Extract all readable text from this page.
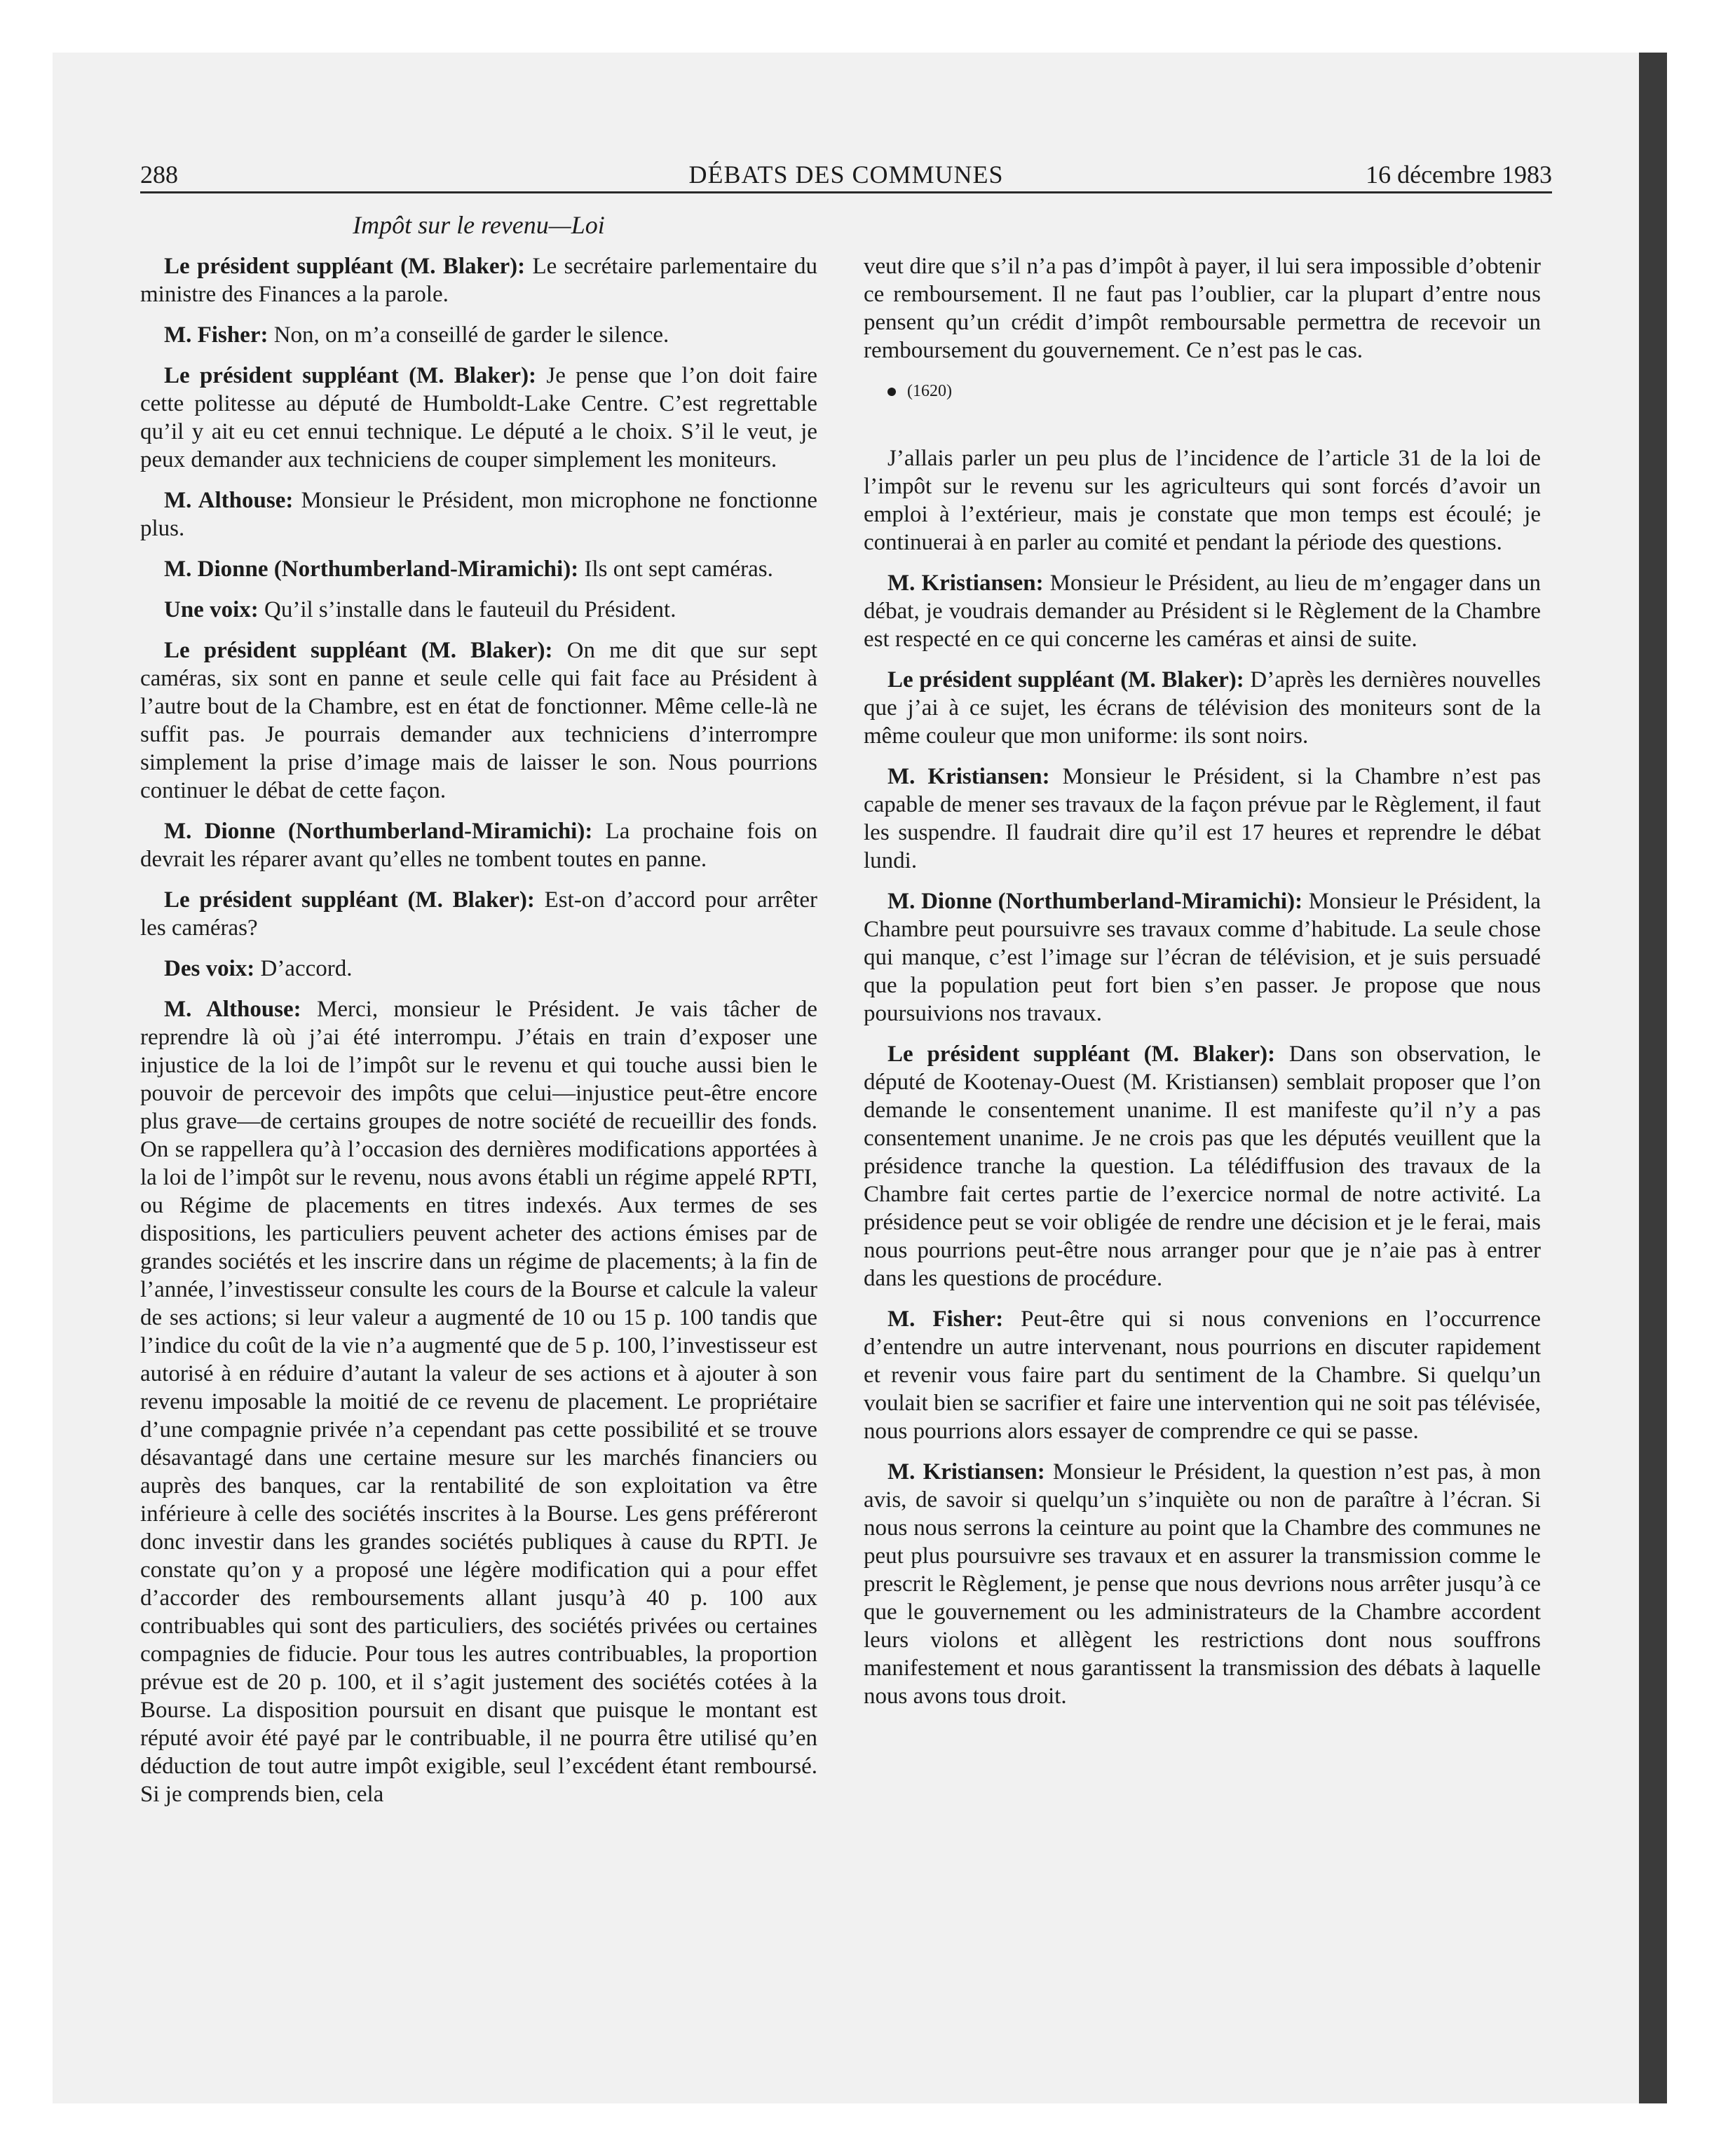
DÉBATS DES COMMUNES
288	16 décembre 1983
Impôt sur le revenu—Loi

Le président suppléant (M. Blaker): Le secrétaire parlementaire du ministre des Finances a la parole.

M. Fisher: Non, on m’a conseillé de garder le silence.

Le président suppléant (M. Blaker): Je pense que l’on doit faire cette politesse au député de Humboldt-Lake Centre. C’est regrettable qu’il y ait eu cet ennui technique. Le député a le choix. S’il le veut, je peux demander aux techniciens de couper simplement les moniteurs.

M. Althouse: Monsieur le Président, mon microphone ne fonctionne plus.

M. Dionne (Northumberland-Miramichi): Ils ont sept caméras.

Une voix: Qu’il s’installe dans le fauteuil du Président.

Le président suppléant (M. Blaker): On me dit que sur sept caméras, six sont en panne et seule celle qui fait face au Président à l’autre bout de la Chambre, est en état de fonctionner. Même celle-là ne suffit pas. Je pourrais demander aux techniciens d’interrompre simplement la prise d’image mais de laisser le son. Nous pourrions continuer le débat de cette façon.

M. Dionne (Northumberland-Miramichi): La prochaine fois on devrait les réparer avant qu’elles ne tombent toutes en panne.

Le président suppléant (M. Blaker): Est-on d’accord pour arrêter les caméras?

Des voix: D’accord.

M. Althouse: Merci, monsieur le Président. Je vais tâcher de reprendre là où j’ai été interrompu. J’étais en train d’exposer une injustice de la loi de l’impôt sur le revenu et qui touche aussi bien le pouvoir de percevoir des impôts que celui—injustice peut-être encore plus grave—de certains groupes de notre société de recueillir des fonds. On se rappellera qu’à l’occasion des dernières modifications apportées à la loi de l’impôt sur le revenu, nous avons établi un régime appelé RPTI, ou Régime de placements en titres indexés. Aux termes de ses dispositions, les particuliers peuvent acheter des actions émises par de grandes sociétés et les inscrire dans un régime de placements; à la fin de l’année, l’investisseur consulte les cours de la Bourse et calcule la valeur de ses actions; si leur valeur a augmenté de 10 ou 15 p. 100 tandis que l’indice du coût de la vie n’a augmenté que de 5 p. 100, l’investisseur est autorisé à en réduire d’autant la valeur de ses actions et à ajouter à son revenu imposable la moitié de ce revenu de placement. Le propriétaire d’une compagnie privée n’a cependant pas cette possibilité et se trouve désavantagé dans une certaine mesure sur les marchés financiers ou auprès des banques, car la rentabilité de son exploitation va être inférieure à celle des sociétés inscrites à la Bourse. Les gens préféreront donc investir dans les grandes sociétés publiques à cause du RPTI. Je constate qu’on y a proposé une légère modification qui a pour effet d’accorder des remboursements allant jusqu’à 40 p. 100 aux contribuables qui sont des particuliers, des sociétés privées ou certaines compagnies de fiducie. Pour tous les autres contribuables, la proportion prévue est de 20 p. 100, et il s’agit justement des sociétés cotées à la Bourse. La disposition poursuit en disant que puisque le montant est réputé avoir été payé par le contribuable, il ne pourra être utilisé qu’en déduction de tout autre impôt exigible, seul l’excédent étant remboursé. Si je comprends bien, cela

veut dire que s’il n’a pas d’impôt à payer, il lui sera impossible d’obtenir ce remboursement. Il ne faut pas l’oublier, car la plupart d’entre nous pensent qu’un crédit d’impôt remboursable permettra de recevoir un remboursement du gouvernement. Ce n’est pas le cas.

(1620)

J’allais parler un peu plus de l’incidence de l’article 31 de la loi de l’impôt sur le revenu sur les agriculteurs qui sont forcés d’avoir un emploi à l’extérieur, mais je constate que mon temps est écoulé; je continuerai à en parler au comité et pendant la période des questions.

M. Kristiansen: Monsieur le Président, au lieu de m’engager dans un débat, je voudrais demander au Président si le Règlement de la Chambre est respecté en ce qui concerne les caméras et ainsi de suite.

Le président suppléant (M. Blaker): D’après les dernières nouvelles que j’ai à ce sujet, les écrans de télévision des moniteurs sont de la même couleur que mon uniforme: ils sont noirs.

M. Kristiansen: Monsieur le Président, si la Chambre n’est pas capable de mener ses travaux de la façon prévue par le Règlement, il faut les suspendre. Il faudrait dire qu’il est 17 heures et reprendre le débat lundi.

M. Dionne (Northumberland-Miramichi): Monsieur le Président, la Chambre peut poursuivre ses travaux comme d’habitude. La seule chose qui manque, c’est l’image sur l’écran de télévision, et je suis persuadé que la population peut fort bien s’en passer. Je propose que nous poursuivions nos travaux.

Le président suppléant (M. Blaker): Dans son observation, le député de Kootenay-Ouest (M. Kristiansen) semblait proposer que l’on demande le consentement unanime. Il est manifeste qu’il n’y a pas consentement unanime. Je ne crois pas que les députés veuillent que la présidence tranche la question. La télédiffusion des travaux de la Chambre fait certes partie de l’exercice normal de notre activité. La présidence peut se voir obligée de rendre une décision et je le ferai, mais nous pourrions peut-être nous arranger pour que je n’aie pas à entrer dans les questions de procédure.

M. Fisher: Peut-être qui si nous convenions en l’occurrence d’entendre un autre intervenant, nous pourrions en discuter rapidement et revenir vous faire part du sentiment de la Chambre. Si quelqu’un voulait bien se sacrifier et faire une intervention qui ne soit pas télévisée, nous pourrions alors essayer de comprendre ce qui se passe.

M. Kristiansen: Monsieur le Président, la question n’est pas, à mon avis, de savoir si quelqu’un s’inquiète ou non de paraître à l’écran. Si nous nous serrons la ceinture au point que la Chambre des communes ne peut plus poursuivre ses travaux et en assurer la transmission comme le prescrit le Règlement, je pense que nous devrions nous arrêter jusqu’à ce que le gouvernement ou les administrateurs de la Chambre accordent leurs violons et allègent les restrictions dont nous souffrons manifestement et nous garantissent la transmission des débats à laquelle nous avons tous droit.
